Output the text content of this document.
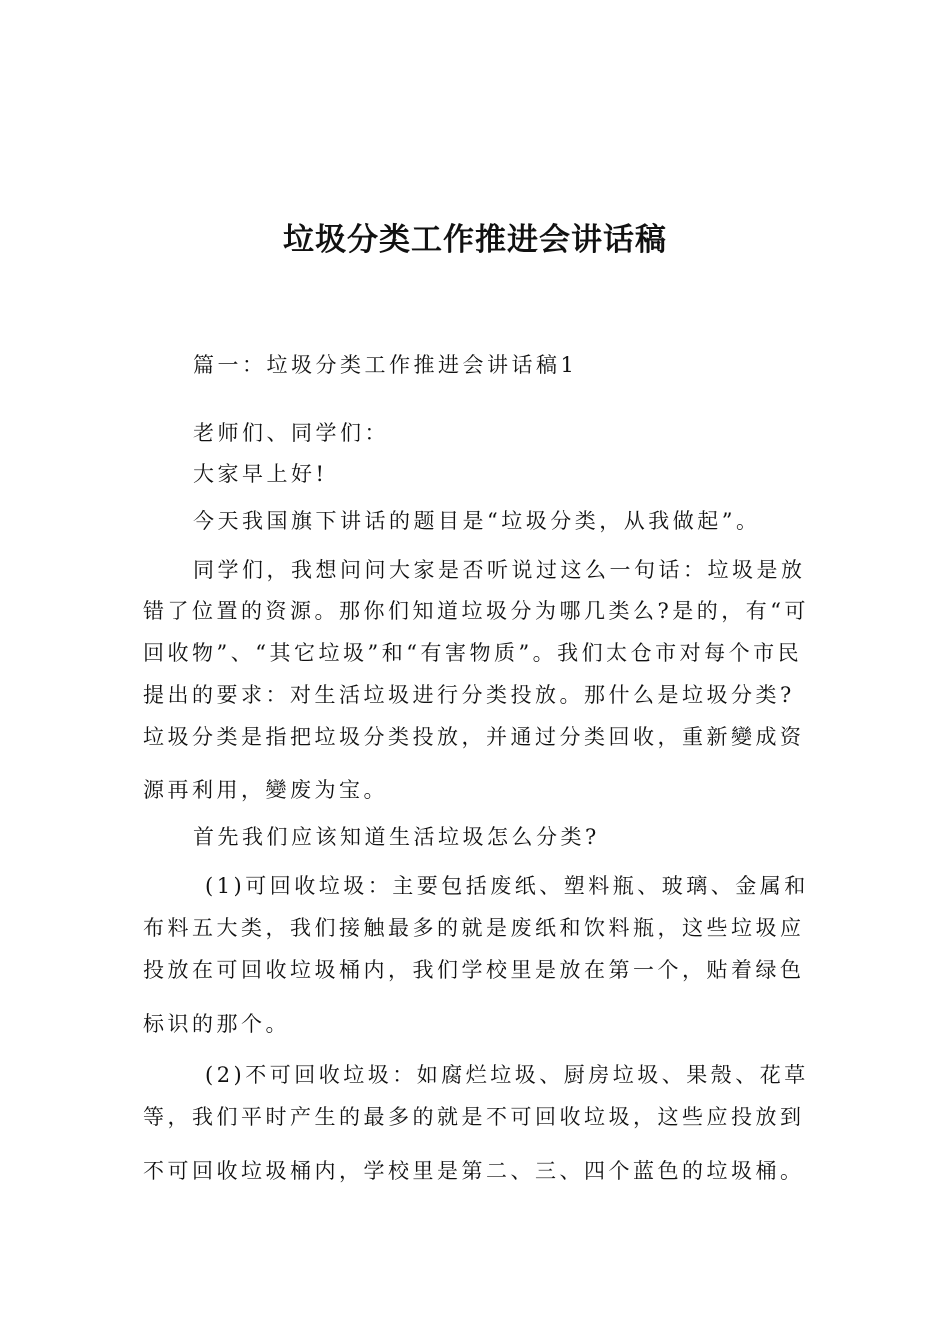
垃圾分类工作推进会讲话稿
篇一：垃圾分类工作推进会讲话稿1
老师们、同学们：
大家早上好!
今天我国旗下讲话的题目是“垃圾分类，从我做起”。
同学们，我想问问大家是否听说过这么一句话：垃圾是放
错了位置的资源。那你们知道垃圾分为哪几类么?是的，有“可
回收物”、“其它垃圾”和“有害物质”。我们太仓市对每个市民
提出的要求：对生活垃圾进行分类投放。那什么是垃圾分类?
垃圾分类是指把垃圾分类投放，并通过分类回收，重新變成资
源再利用，變废为宝。
首先我们应该知道生活垃圾怎么分类?
(1)可回收垃圾：主要包括废纸、塑料瓶、玻璃、金属和
布料五大类，我们接触最多的就是废纸和饮料瓶，这些垃圾应
投放在可回收垃圾桶内，我们学校里是放在第一个，贴着绿色
标识的那个。
(2)不可回收垃圾：如腐烂垃圾、厨房垃圾、果殼、花草
等，我们平时产生的最多的就是不可回收垃圾，这些应投放到
不可回收垃圾桶内，学校里是第二、三、四个蓝色的垃圾桶。
